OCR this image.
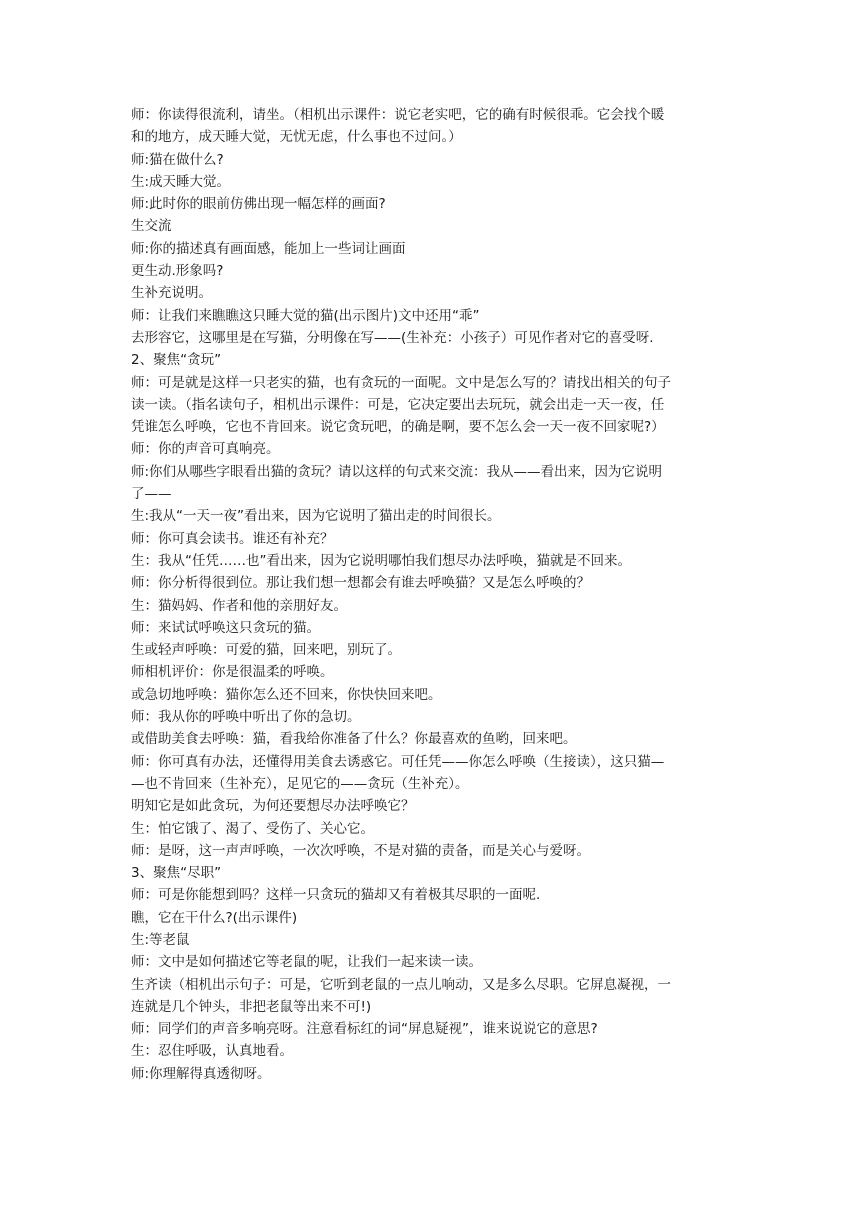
师：你读得很流利，请坐。（相机出示课件：说它老实吧，它的确有时候很乖。它会找个暖

和的地方，成天睡大觉，无忧无虑，什么事也不过问。）

师:猫在做什么?

生:成天睡大觉。

师:此时你的眼前仿佛出现一幅怎样的画面?

生交流

师:你的描述真有画面感，能加上一些词让画面

更生动.形象吗?

生补充说明。

师：让我们来瞧瞧这只睡大觉的猫(出示图片)文中还用“乖”

去形容它，这哪里是在写猫，分明像在写——(生补充：小孩子）可见作者对它的喜受呀.

2、聚焦“贪玩”

师：可是就是这样一只老实的猫，也有贪玩的一面呢。文中是怎么写的？请找出相关的句子

读一读。（指名读句子，相机出示课件：可是，它决定要出去玩玩，就会出走一天一夜，任

凭谁怎么呼唤，它也不肯回来。说它贪玩吧，的确是啊，要不怎么会一天一夜不回家呢?）

师：你的声音可真响亮。

师:你们从哪些字眼看出猫的贪玩？请以这样的句式来交流：我从——看出来，因为它说明

了——

生:我从“一天一夜”看出来，因为它说明了猫出走的时间很长。

师：你可真会读书。谁还有补充？

生：我从“任凭……也”看出来，因为它说明哪怕我们想尽办法呼唤，猫就是不回来。

师：你分析得很到位。那让我们想一想都会有谁去呼唤猫？又是怎么呼唤的？

生：猫妈妈、作者和他的亲朋好友。

师：来试试呼唤这只贪玩的猫。

生或轻声呼唤：可爱的猫，回来吧，别玩了。

师相机评价：你是很温柔的呼唤。

或急切地呼唤：猫你怎么还不回来，你快快回来吧。

师：我从你的呼唤中听出了你的急切。

或借助美食去呼唤：猫，看我给你准备了什么？你最喜欢的鱼哟，回来吧。

师：你可真有办法，还懂得用美食去诱惑它。可任凭——你怎么呼唤（生接读），这只猫—

—也不肯回来（生补充），足见它的——贪玩（生补充）。

明知它是如此贪玩，为何还要想尽办法呼唤它？

生：怕它饿了、渴了、受伤了、关心它。

师：是呀，这一声声呼唤，一次次呼唤，不是对猫的责备，而是关心与爱呀。

3、聚焦“尽职”

师：可是你能想到吗？这样一只贪玩的猫却又有着极其尽职的一面呢.

瞧，它在干什么?(出示课件)

生:等老鼠

师：文中是如何描述它等老鼠的呢，让我们一起来读一读。

生齐读（相机出示句子：可是，它听到老鼠的一点儿响动，又是多么尽职。它屏息凝视，一

连就是几个钟头，非把老鼠等出来不可!)

师：同学们的声音多响亮呀。注意看标红的词“屏息疑视”，谁来说说它的意思?

生：忍住呼吸，认真地看。

师:你理解得真透彻呀。
